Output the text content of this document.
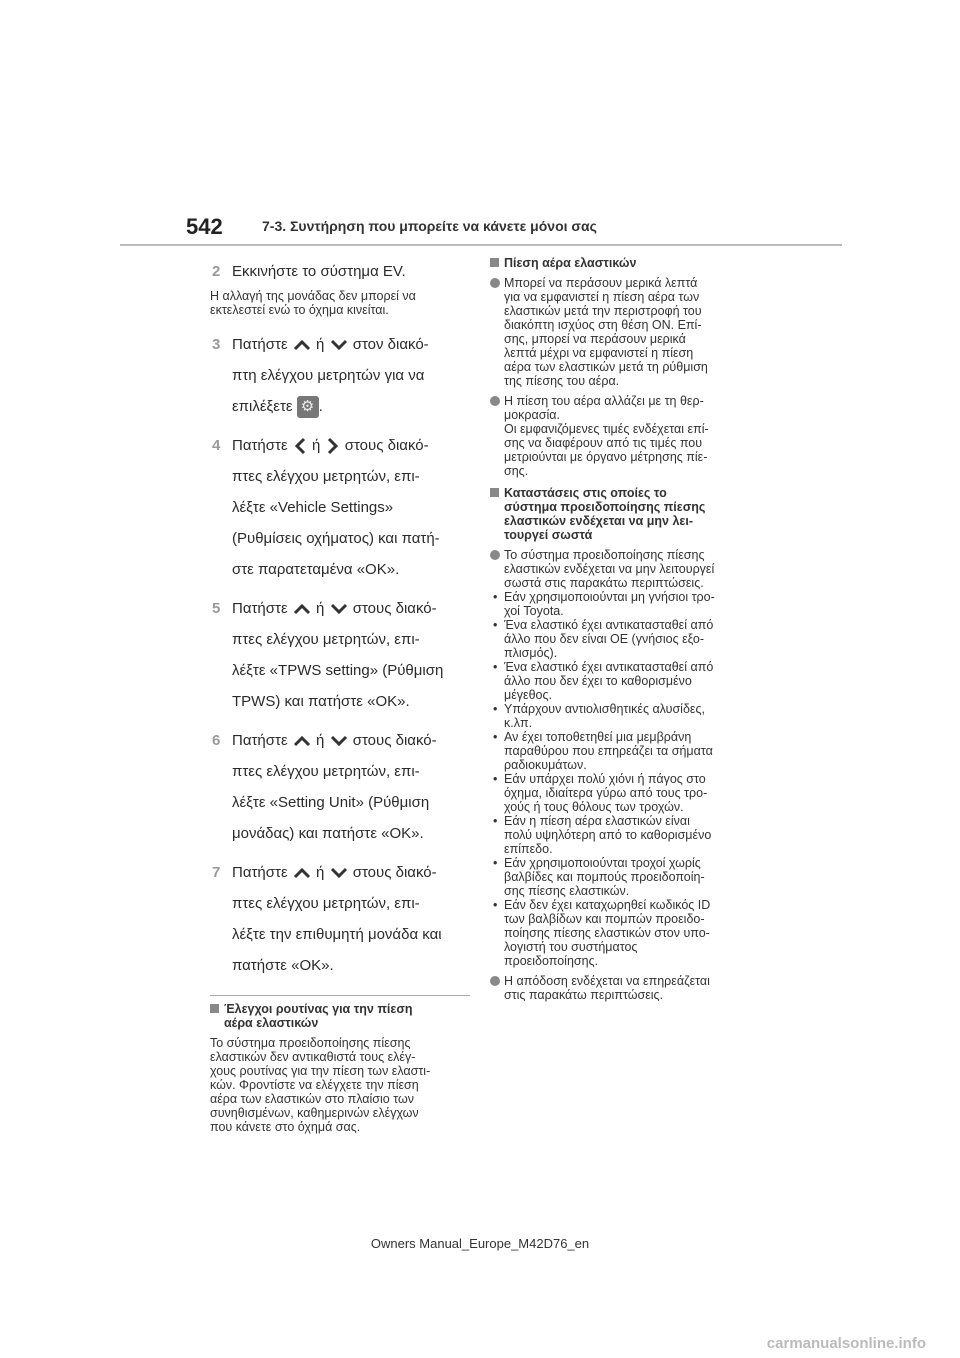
542	7-3. Συντήρηση που μπορείτε να κάνετε μόνοι σας
2 Εκκινήστε το σύστημα EV.
Η αλλαγή της μονάδας δεν μπορεί να
εκτελεστεί ενώ το όχημα κινείται.
3 Πατήστε ή στον διακό-
πτη ελέγχου μετρητών για να
επιλέξετε ⚙ .
4 Πατήστε ή στους διακό-
πτες ελέγχου μετρητών, επι-
λέξτε «Vehicle Settings»
(Ρυθμίσεις οχήματος) και πατή-
στε παρατεταμένα «OK».
5 Πατήστε ή στους διακό-
πτες ελέγχου μετρητών, επι-
λέξτε «TPWS setting» (Ρύθμιση
TPWS) και πατήστε «OK».
6 Πατήστε ή στους διακό-
πτες ελέγχου μετρητών, επι-
λέξτε «Setting Unit» (Ρύθμιση
μονάδας) και πατήστε «OK».
7 Πατήστε ή στους διακό-
πτες ελέγχου μετρητών, επι-
λέξτε την επιθυμητή μονάδα και
πατήστε «OK».
Έλεγχοι ρουτίνας για την πίεση
αέρα ελαστικών
Το σύστημα προειδοποίησης πίεσης
ελαστικών δεν αντικαθιστά τους ελέγ-
χους ρουτίνας για την πίεση των ελαστι-
κών. Φροντίστε να ελέγχετε την πίεση
αέρα των ελαστικών στο πλαίσιο των
συνηθισμένων, καθημερινών ελέγχων
που κάνετε στο όχημά σας.
Πίεση αέρα ελαστικών
Μπορεί να περάσουν μερικά λεπτά
για να εμφανιστεί η πίεση αέρα των
ελαστικών μετά την περιστροφή του
διακόπτη ισχύος στη θέση ON. Επί-
σης, μπορεί να περάσουν μερικά
λεπτά μέχρι να εμφανιστεί η πίεση
αέρα των ελαστικών μετά τη ρύθμιση
της πίεσης του αέρα.
Η πίεση του αέρα αλλάζει με τη θερ-
μοκρασία.
Οι εμφανιζόμενες τιμές ενδέχεται επί-
σης να διαφέρουν από τις τιμές που
μετριούνται με όργανο μέτρησης πίε-
σης.
Καταστάσεις στις οποίες το
σύστημα προειδοποίησης πίεσης
ελαστικών ενδέχεται να μην λει-
τουργεί σωστά
Το σύστημα προειδοποίησης πίεσης
ελαστικών ενδέχεται να μην λειτουργεί
σωστά στις παρακάτω περιπτώσεις.
• Εάν χρησιμοποιούνται μη γνήσιοι τρο-
χοί Toyota.
• Ένα ελαστικό έχει αντικατασταθεί από
άλλο που δεν είναι OE (γνήσιος εξο-
πλισμός).
• Ένα ελαστικό έχει αντικατασταθεί από
άλλο που δεν έχει το καθορισμένο
μέγεθος.
• Υπάρχουν αντιολισθητικές αλυσίδες,
κ.λπ.
• Αν έχει τοποθετηθεί μια μεμβράνη
παραθύρου που επηρεάζει τα σήματα
ραδιοκυμάτων.
• Εάν υπάρχει πολύ χιόνι ή πάγος στο
όχημα, ιδιαίτερα γύρω από τους τρο-
χούς ή τους θόλους των τροχών.
• Εάν η πίεση αέρα ελαστικών είναι
πολύ υψηλότερη από το καθορισμένο
επίπεδο.
• Εάν χρησιμοποιούνται τροχοί χωρίς
βαλβίδες και πομπούς προειδοποίη-
σης πίεσης ελαστικών.
• Εάν δεν έχει καταχωρηθεί κωδικός ID
των βαλβίδων και πομπών προειδο-
ποίησης πίεσης ελαστικών στον υπο-
λογιστή του συστήματος
προειδοποίησης.
Η απόδοση ενδέχεται να επηρεάζεται
στις παρακάτω περιπτώσεις.
Owners Manual_Europe_M42D76_en
carmanualsonline.info
